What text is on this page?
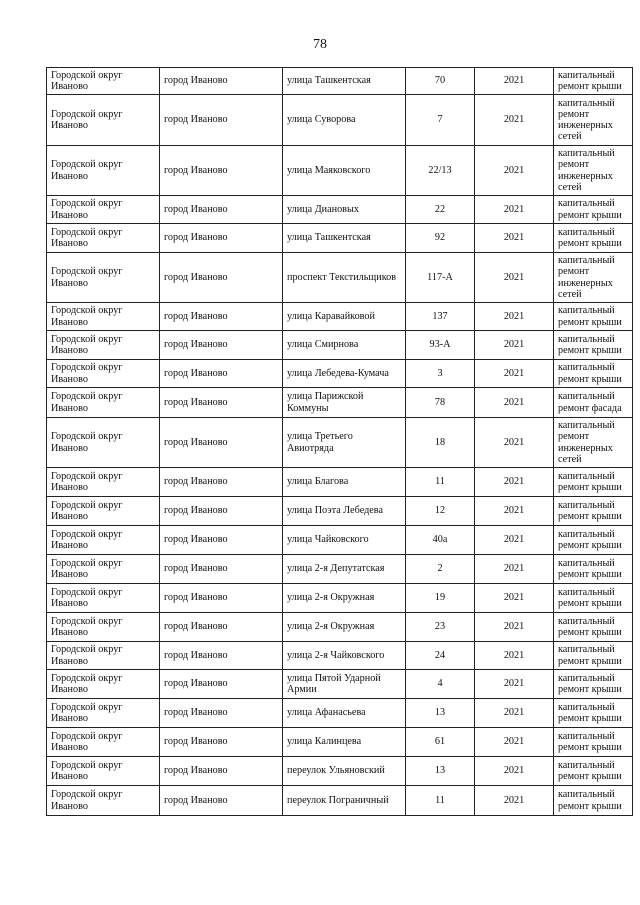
78
Городской округ Иваново	город Иваново	улица Ташкентская	70	2021	капитальный ремонт крыши
Городской округ Иваново	город Иваново	улица Суворова	7	2021	капитальный ремонт инженерных сетей
Городской округ Иваново	город Иваново	улица Маяковского	22/13	2021	капитальный ремонт инженерных сетей
Городской округ Иваново	город Иваново	улица Диановых	22	2021	капитальный ремонт крыши
Городской округ Иваново	город Иваново	улица Ташкентская	92	2021	капитальный ремонт крыши
Городской округ Иваново	город Иваново	проспект Текстильщиков	117-А	2021	капитальный ремонт инженерных сетей
Городской округ Иваново	город Иваново	улица Каравайковой	137	2021	капитальный ремонт крыши
Городской округ Иваново	город Иваново	улица Смирнова	93-А	2021	капитальный ремонт крыши
Городской округ Иваново	город Иваново	улица Лебедева-Кумача	3	2021	капитальный ремонт крыши
Городской округ Иваново	город Иваново	улица Парижской Коммуны	78	2021	капитальный ремонт фасада
Городской округ Иваново	город Иваново	улица Третьего Авиотряда	18	2021	капитальный ремонт инженерных сетей
Городской округ Иваново	город Иваново	улица Благова	11	2021	капитальный ремонт крыши
Городской округ Иваново	город Иваново	улица Поэта Лебедева	12	2021	капитальный ремонт крыши
Городской округ Иваново	город Иваново	улица Чайковского	40а	2021	капитальный ремонт крыши
Городской округ Иваново	город Иваново	улица 2-я Депутатская	2	2021	капитальный ремонт крыши
Городской округ Иваново	город Иваново	улица 2-я Окружная	19	2021	капитальный ремонт крыши
Городской округ Иваново	город Иваново	улица 2-я Окружная	23	2021	капитальный ремонт крыши
Городской округ Иваново	город Иваново	улица 2-я Чайковского	24	2021	капитальный ремонт крыши
Городской округ Иваново	город Иваново	улица Пятой Ударной Армии	4	2021	капитальный ремонт крыши
Городской округ Иваново	город Иваново	улица Афанасьева	13	2021	капитальный ремонт крыши
Городской округ Иваново	город Иваново	улица Калинцева	61	2021	капитальный ремонт крыши
Городской округ Иваново	город Иваново	переулок Ульяновский	13	2021	капитальный ремонт крыши
Городской округ Иваново	город Иваново	переулок Пограничный	11	2021	капитальный ремонт крыши
